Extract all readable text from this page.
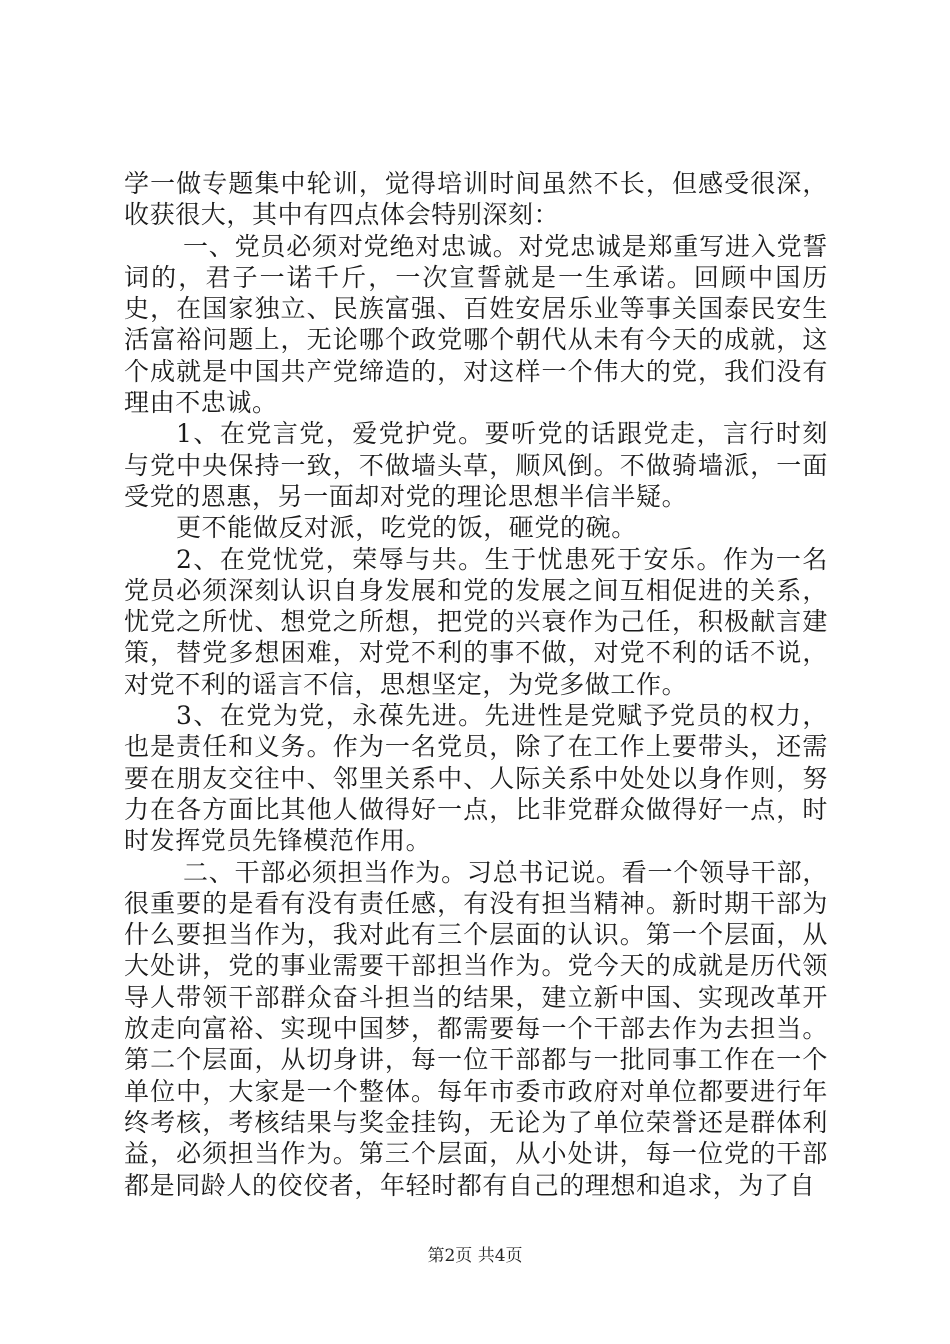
学一做专题集中轮训，觉得培训时间虽然不长，但感受很深，收获很大，其中有四点体会特别深刻：

一、党员必须对党绝对忠诚。对党忠诚是郑重写进入党誓词的，君子一诺千斤，一次宣誓就是一生承诺。回顾中国历史，在国家独立、民族富强、百姓安居乐业等事关国泰民安生活富裕问题上，无论哪个政党哪个朝代从未有今天的成就，这个成就是中国共产党缔造的，对这样一个伟大的党，我们没有理由不忠诚。

1、在党言党，爱党护党。要听党的话跟党走，言行时刻与党中央保持一致，不做墙头草，顺风倒。不做骑墙派，一面受党的恩惠，另一面却对党的理论思想半信半疑。

更不能做反对派，吃党的饭，砸党的碗。

2、在党忧党，荣辱与共。生于忧患死于安乐。作为一名党员必须深刻认识自身发展和党的发展之间互相促进的关系，忧党之所忧、想党之所想，把党的兴衰作为己任，积极献言建策，替党多想困难，对党不利的事不做，对党不利的话不说，对党不利的谣言不信，思想坚定，为党多做工作。

3、在党为党，永葆先进。先进性是党赋予党员的权力，也是责任和义务。作为一名党员，除了在工作上要带头，还需要在朋友交往中、邻里关系中、人际关系中处处以身作则，努力在各方面比其他人做得好一点，比非党群众做得好一点，时时发挥党员先锋模范作用。

二、干部必须担当作为。习总书记说。看一个领导干部，很重要的是看有没有责任感，有没有担当精神。新时期干部为什么要担当作为，我对此有三个层面的认识。第一个层面，从大处讲，党的事业需要干部担当作为。党今天的成就是历代领导人带领干部群众奋斗担当的结果，建立新中国、实现改革开放走向富裕、实现中国梦，都需要每一个干部去作为去担当。第二个层面，从切身讲，每一位干部都与一批同事工作在一个单位中，大家是一个整体。每年市委市政府对单位都要进行年终考核，考核结果与奖金挂钩，无论为了单位荣誉还是群体利益，必须担当作为。第三个层面，从小处讲，每一位党的干部都是同龄人的佼佼者，年轻时都有自己的理想和追求，为了自

第2页 共4页
